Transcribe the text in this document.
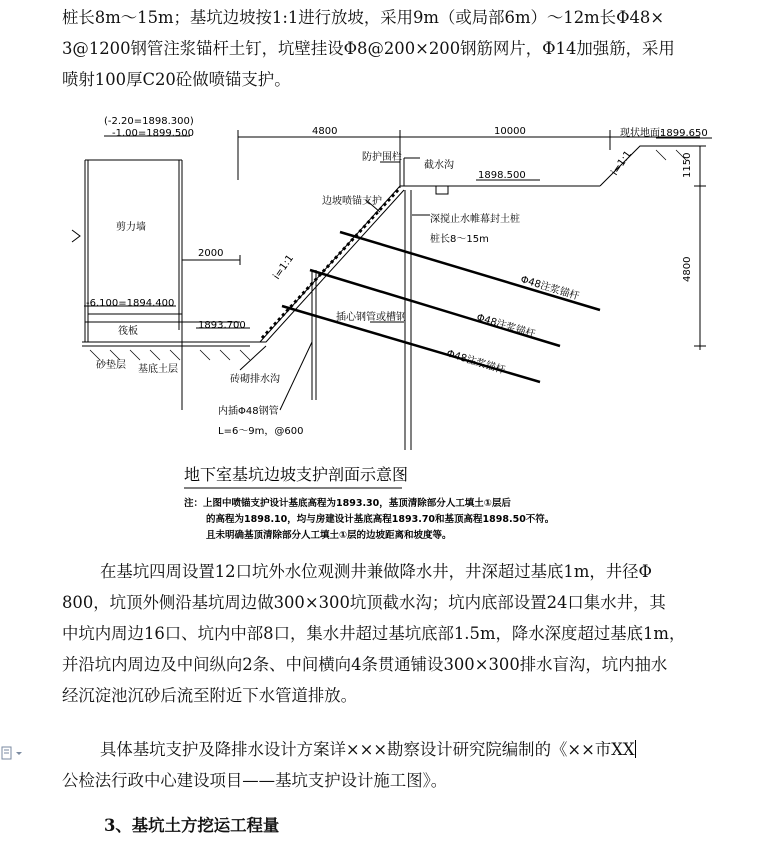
桩长8m～15m；基坑边坡按1:1进行放坡，采用9m（或局部6m）～12m长Φ48×

3@1200钢管注浆锚杆土钉，坑壁挂设Φ8@200×200钢筋网片，Φ14加强筋，采用

喷射100厚C20砼做喷锚支护。

(-2.20=1898.300)
-1.00=1899.500
剪力墙
2000
-6.100=1894.400
筏板
砂垫层 基底土层
1893.700
砖砌排水沟
4800	10000
防护围栏
截水沟
1898.500
边坡喷锚支护
深搅止水帷幕封土桩
桩长8～15m
i=1:1
i=1:1
Φ48注浆锚杆
Φ48注浆锚杆
Φ48注浆锚杆
插心钢管或槽钢
内插Φ48钢管
L=6～9m，@600
现状地面:
1899.650
1150
4800
地下室基坑边坡支护剖面示意图
注：上图中喷锚支护设计基底高程为1893.30，基顶清除部分人工填土①层后
的高程为1898.10，均与房建设计基底高程1893.70和基顶高程1898.50不符。
且未明确基顶清除部分人工填土①层的边坡距离和坡度等。

在基坑四周设置12口坑外水位观测井兼做降水井，井深超过基底1m，井径Φ

800，坑顶外侧沿基坑周边做300×300坑顶截水沟；坑内底部设置24口集水井，其

中坑内周边16口、坑内中部8口，集水井超过基坑底部1.5m，降水深度超过基底1m，

并沿坑内周边及中间纵向2条、中间横向4条贯通铺设300×300排水盲沟，坑内抽水

经沉淀池沉砂后流至附近下水管道排放。

具体基坑支护及降排水设计方案详×××勘察设计研究院编制的《××市XX

公检法行政中心建设项目——基坑支护设计施工图》。

3、基坑土方挖运工程量
